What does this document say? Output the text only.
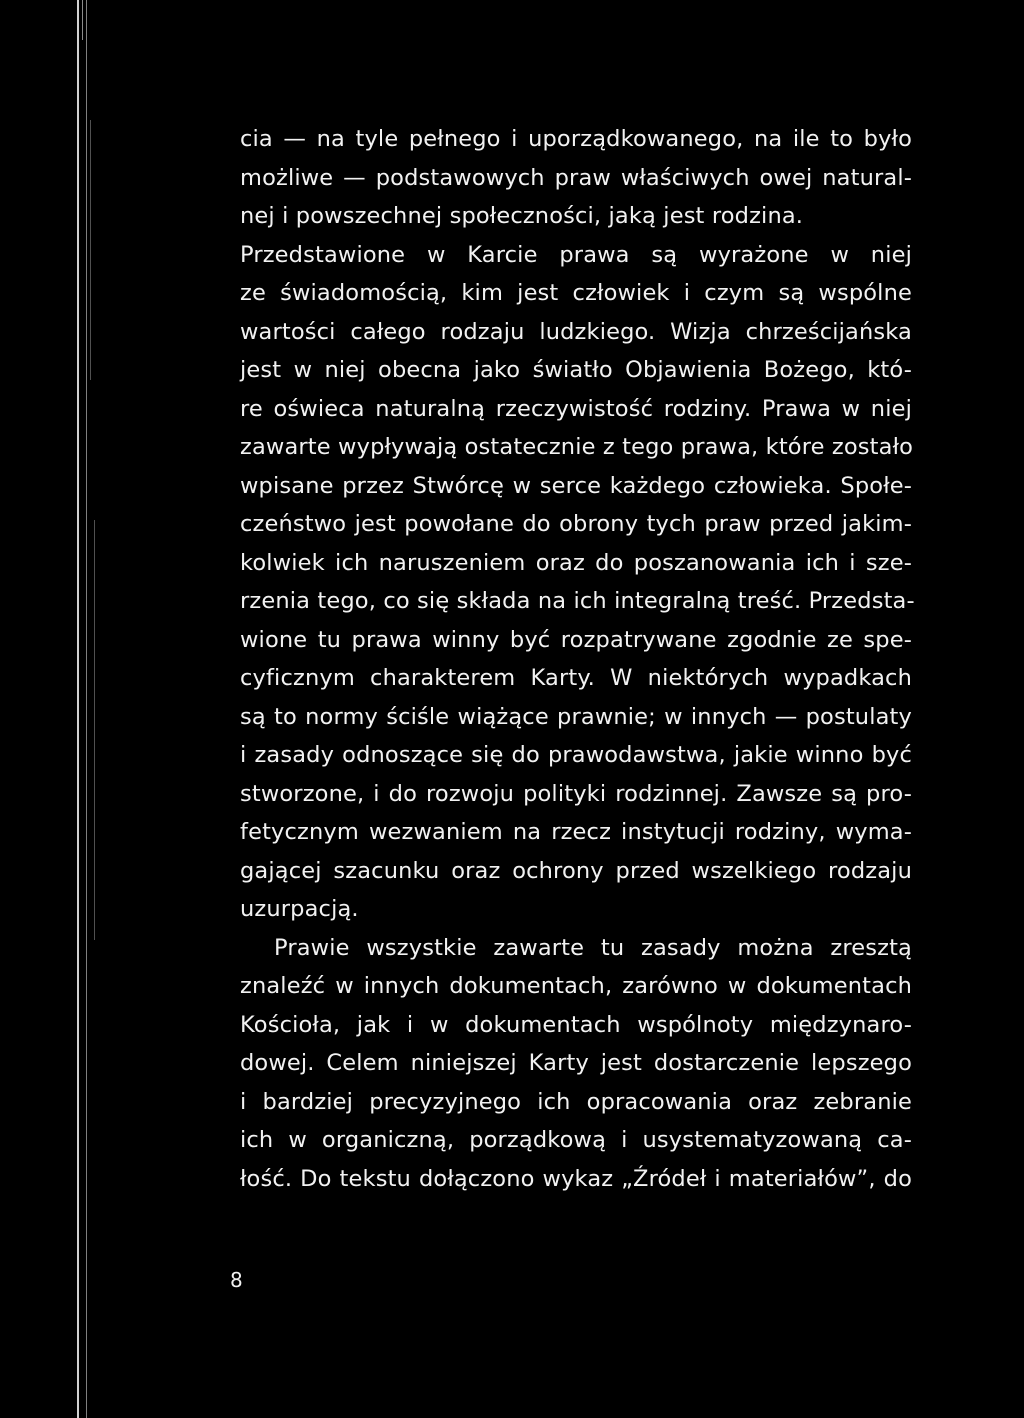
cia — na tyle pełnego i uporządkowanego, na ile to było
możliwe — podstawowych praw właściwych owej natural-
nej i powszechnej społeczności, jaką jest rodzina.
Przedstawione w Karcie prawa są wyrażone w niej
ze świadomością, kim jest człowiek i czym są wspólne
wartości całego rodzaju ludzkiego. Wizja chrześcijańska
jest w niej obecna jako światło Objawienia Bożego, któ-
re oświeca naturalną rzeczywistość rodziny. Prawa w niej
zawarte wypływają ostatecznie z tego prawa, które zostało
wpisane przez Stwórcę w serce każdego człowieka. Społe-
czeństwo jest powołane do obrony tych praw przed jakim-
kolwiek ich naruszeniem oraz do poszanowania ich i sze-
rzenia tego, co się składa na ich integralną treść. Przedsta-
wione tu prawa winny być rozpatrywane zgodnie ze spe-
cyficznym charakterem Karty. W niektórych wypadkach
są to normy ściśle wiążące prawnie; w innych — postulaty
i zasady odnoszące się do prawodawstwa, jakie winno być
stworzone, i do rozwoju polityki rodzinnej. Zawsze są pro-
fetycznym wezwaniem na rzecz instytucji rodziny, wyma-
gającej szacunku oraz ochrony przed wszelkiego rodzaju
uzurpacją.
Prawie wszystkie zawarte tu zasady można zresztą
znaleźć w innych dokumentach, zarówno w dokumentach
Kościoła, jak i w dokumentach wspólnoty międzynaro-
dowej. Celem niniejszej Karty jest dostarczenie lepszego
i bardziej precyzyjnego ich opracowania oraz zebranie
ich w organiczną, porządkową i usystematyzowaną ca-
łość. Do tekstu dołączono wykaz „Źródeł i materiałów”, do
8
